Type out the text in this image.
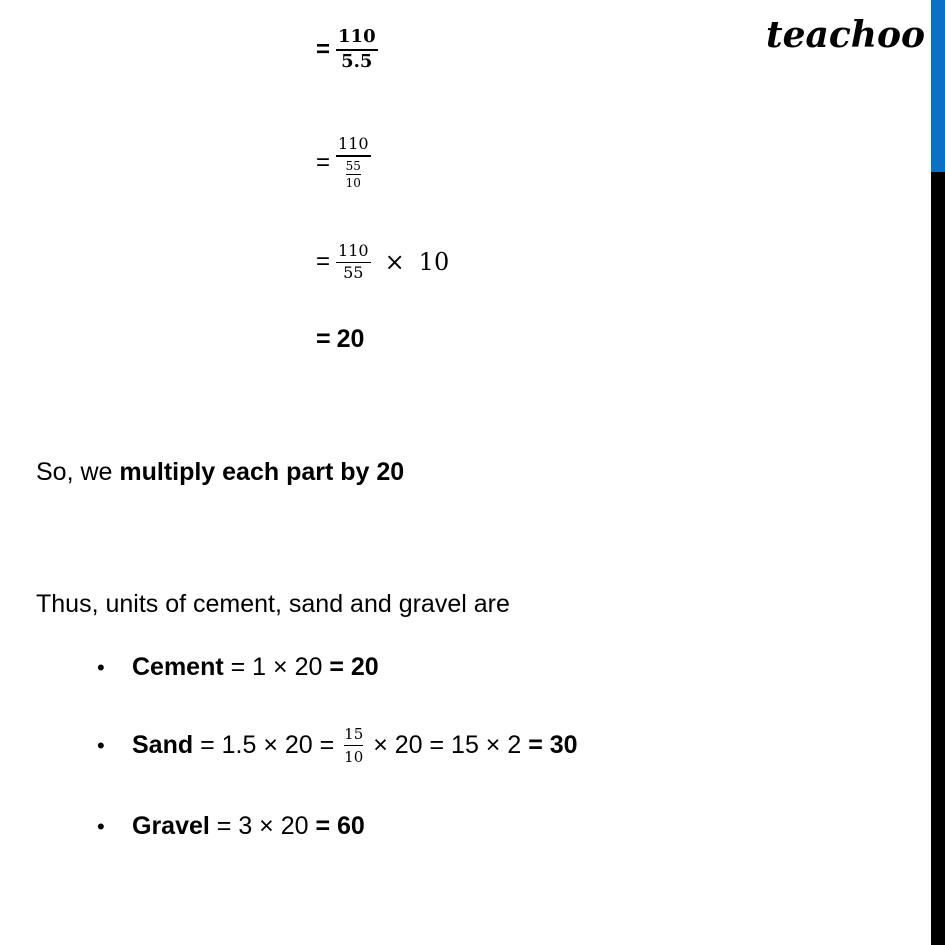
teachoo
= $\frac{110}{5.5}$
= 110
55
10
= $\frac{110}{55} \times 10$
= 20
So, we multiply each part by 20
Thus, units of cement, sand and gravel are
•	Cement = 1 × 20 = 20
•	Sand = 1.5 × 20 = 15
10 × 20 = 15 × 2 = 30
•	Gravel = 3 × 20 = 60
